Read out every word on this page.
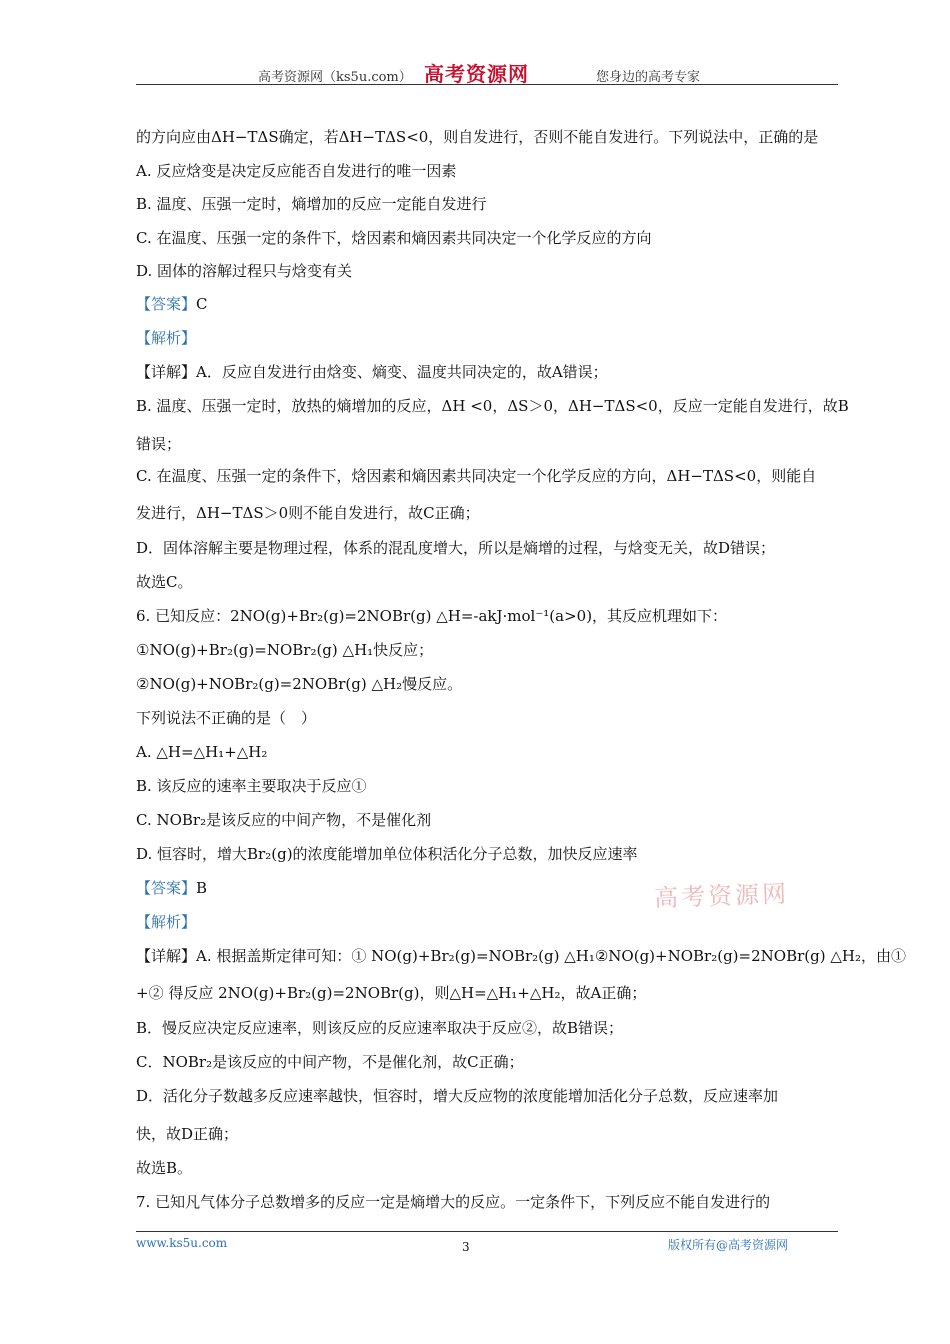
高考资源网（ks5u.com） 高考资源网	您身边的高考专家
的方向应由ΔH−TΔS确定，若ΔH−TΔS<0，则自发进行，否则不能自发进行。下列说法中，正确的是
A. 反应焓变是决定反应能否自发进行的唯一因素
B. 温度、压强一定时，熵增加的反应一定能自发进行
C. 在温度、压强一定的条件下，焓因素和熵因素共同决定一个化学反应的方向
D. 固体的溶解过程只与焓变有关
【答案】C
【解析】
【详解】A．反应自发进行由焓变、熵变、温度共同决定的，故A错误；
B. 温度、压强一定时，放热的熵增加的反应，ΔH <0，ΔS＞0，ΔH−TΔS<0，反应一定能自发进行，故B
错误；
C. 在温度、压强一定的条件下，焓因素和熵因素共同决定一个化学反应的方向，ΔH−TΔS<0，则能自
发进行，ΔH−TΔS＞0则不能自发进行，故C正确；
D．固体溶解主要是物理过程，体系的混乱度增大，所以是熵增的过程，与焓变无关，故D错误；
故选C。
6. 已知反应：2NO(g)+Br₂(g)=2NOBr(g) △H=-akJ·mol⁻¹(a>0)，其反应机理如下：
①NO(g)+Br₂(g)=NOBr₂(g) △H₁快反应；
②NO(g)+NOBr₂(g)=2NOBr(g) △H₂慢反应。
下列说法不正确的是（　）
A. △H=△H₁+△H₂
B. 该反应的速率主要取决于反应①
C. NOBr₂是该反应的中间产物，不是催化剂
D. 恒容时，增大Br₂(g)的浓度能增加单位体积活化分子总数，加快反应速率
【答案】B	高考资源网
【解析】
【详解】A. 根据盖斯定律可知：① NO(g)+Br₂(g)=NOBr₂(g) △H₁②NO(g)+NOBr₂(g)=2NOBr(g) △H₂，由①
+② 得反应 2NO(g)+Br₂(g)=2NOBr(g)，则△H=△H₁+△H₂，故A正确；
B．慢反应决定反应速率，则该反应的反应速率取决于反应②，故B错误；
C．NOBr₂是该反应的中间产物，不是催化剂，故C正确；
D．活化分子数越多反应速率越快，恒容时，增大反应物的浓度能增加活化分子总数，反应速率加
快，故D正确；
故选B。
7. 已知凡气体分子总数增多的反应一定是熵增大的反应。一定条件下，下列反应不能自发进行的
www.ks5u.com	3	版权所有@高考资源网
